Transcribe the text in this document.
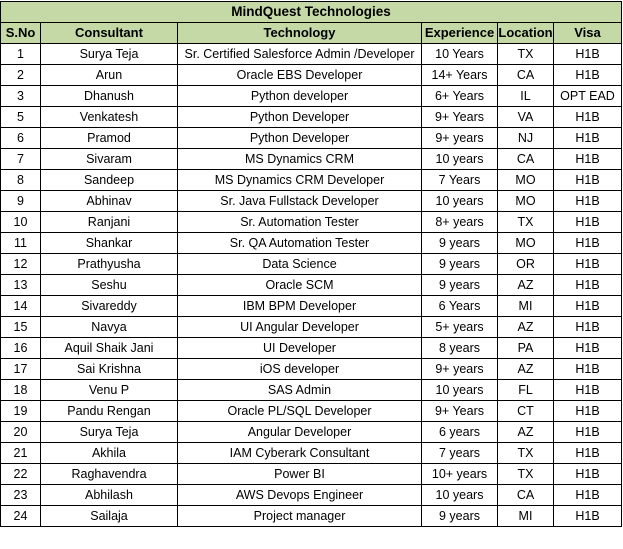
MindQuest Technologies					
S.No	Consultant	Technology	Experience	Location	Visa
1	Surya Teja	Sr. Certified Salesforce Admin /Developer	10 Years	TX	H1B
2	Arun	Oracle EBS Developer	14+ Years	CA	H1B
3	Dhanush	Python developer	6+ Years	IL	OPT EAD
5	Venkatesh	Python Developer	9+ Years	VA	H1B
6	Pramod	Python Developer	9+ years	NJ	H1B
7	Sivaram	MS Dynamics CRM	10 years	CA	H1B
8	Sandeep	MS Dynamics CRM Developer	7 Years	MO	H1B
9	Abhinav	Sr. Java Fullstack Developer	10 years	MO	H1B
10	Ranjani	Sr. Automation Tester	8+ years	TX	H1B
11	Shankar	Sr. QA Automation Tester	9 years	MO	H1B
12	Prathyusha	Data Science	9 years	OR	H1B
13	Seshu	Oracle SCM	9 years	AZ	H1B
14	Sivareddy	IBM BPM Developer	6 Years	MI	H1B
15	Navya	UI Angular Developer	5+ years	AZ	H1B
16	Aquil Shaik Jani	UI Developer	8 years	PA	H1B
17	Sai Krishna	iOS developer	9+ years	AZ	H1B
18	Venu P	SAS Admin	10 years	FL	H1B
19	Pandu Rengan	Oracle PL/SQL Developer	9+ Years	CT	H1B
20	Surya Teja	Angular Developer	6 years	AZ	H1B
21	Akhila	IAM Cyberark Consultant	7 years	TX	H1B
22	Raghavendra	Power BI	10+ years	TX	H1B
23	Abhilash	AWS Devops Engineer	10 years	CA	H1B
24	Sailaja	Project manager	9 years	MI	H1B
